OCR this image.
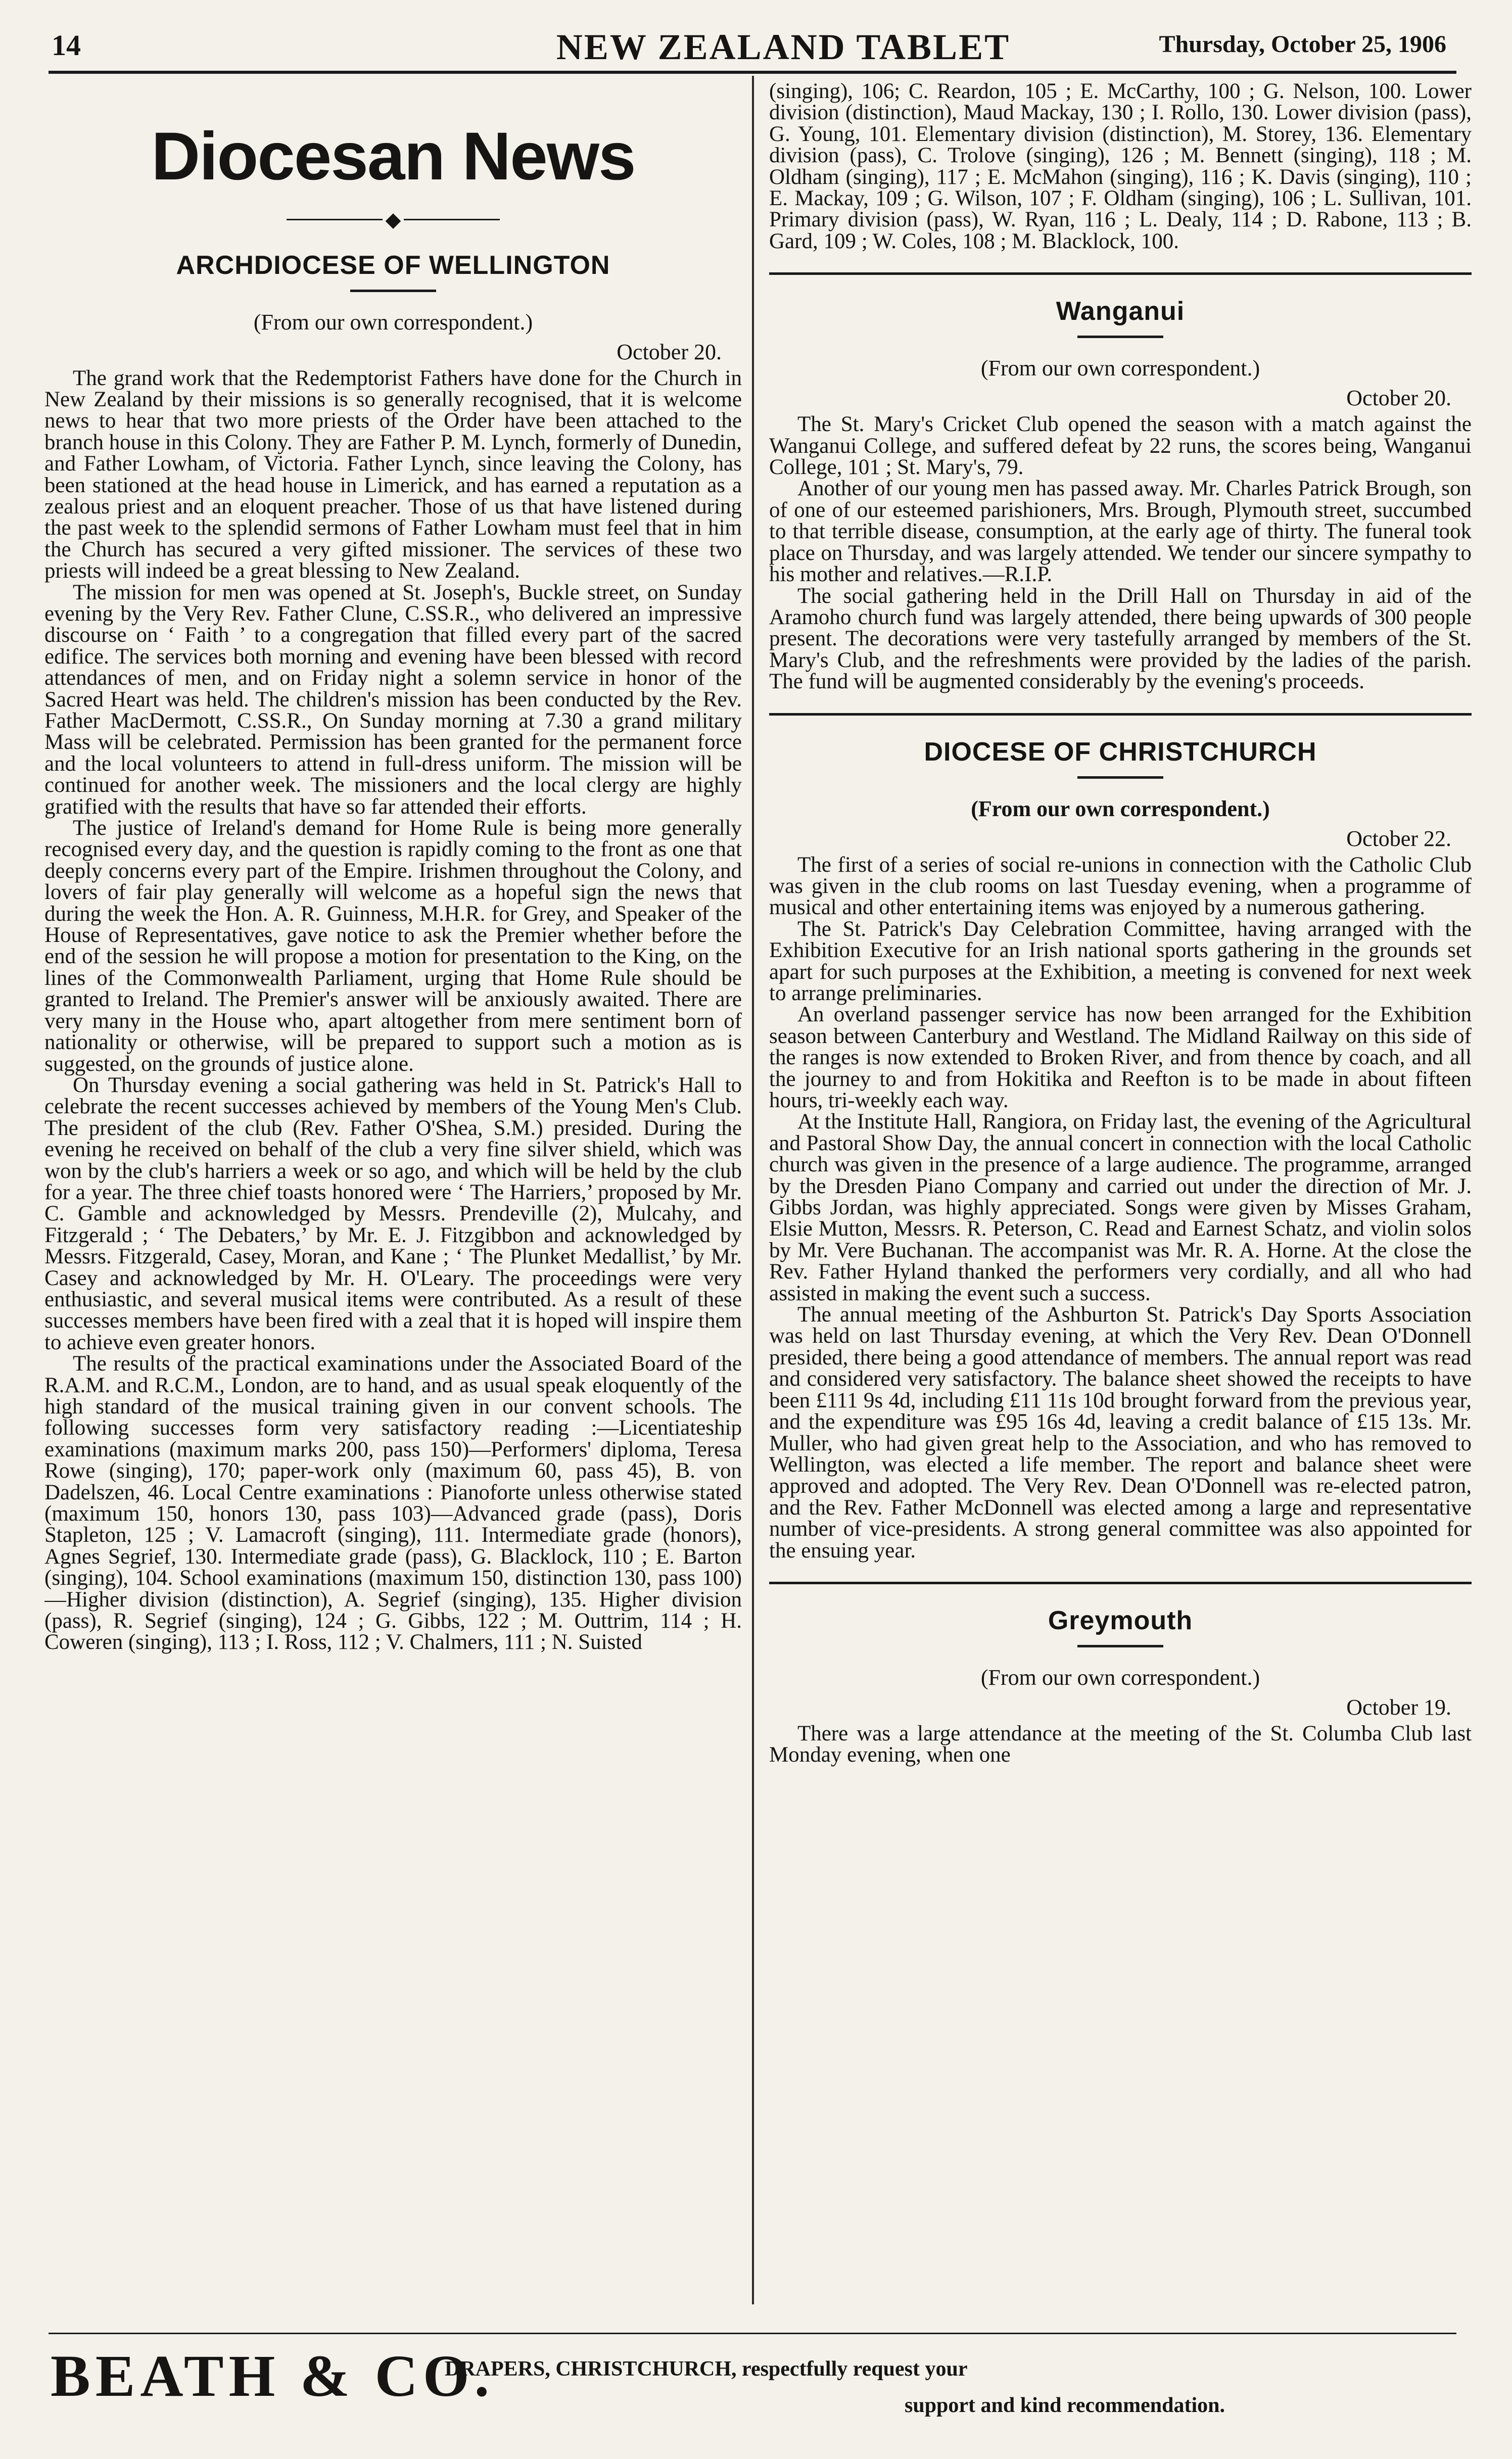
14	NEW ZEALAND TABLET	Thursday, October 25, 1906
Diocesan News
◆
ARCHDIOCESE OF WELLINGTON
(From our own correspondent.)
October 20.

The grand work that the Redemptorist Fathers have done for the Church in New Zealand by their missions is so generally recognised, that it is welcome news to hear that two more priests of the Order have been attached to the branch house in this Colony. They are Father P. M. Lynch, formerly of Dunedin, and Father Lowham, of Victoria. Father Lynch, since leaving the Colony, has been stationed at the head house in Limerick, and has earned a reputation as a zealous priest and an eloquent preacher. Those of us that have listened during the past week to the splendid sermons of Father Lowham must feel that in him the Church has secured a very gifted missioner. The services of these two priests will indeed be a great blessing to New Zealand.

The mission for men was opened at St. Joseph's, Buckle street, on Sunday evening by the Very Rev. Father Clune, C.SS.R., who delivered an impressive discourse on ‘ Faith ’ to a congregation that filled every part of the sacred edifice. The services both morning and evening have been blessed with record attendances of men, and on Friday night a solemn service in honor of the Sacred Heart was held. The children's mission has been conducted by the Rev. Father MacDermott, C.SS.R., On Sunday morning at 7.30 a grand military Mass will be celebrated. Permission has been granted for the permanent force and the local volunteers to attend in full-dress uniform. The mission will be continued for another week. The missioners and the local clergy are highly gratified with the results that have so far attended their efforts.

The justice of Ireland's demand for Home Rule is being more generally recognised every day, and the question is rapidly coming to the front as one that deeply concerns every part of the Empire. Irishmen throughout the Colony, and lovers of fair play generally will welcome as a hopeful sign the news that during the week the Hon. A. R. Guinness, M.H.R. for Grey, and Speaker of the House of Representatives, gave notice to ask the Premier whether before the end of the session he will propose a motion for presentation to the King, on the lines of the Commonwealth Parliament, urging that Home Rule should be granted to Ireland. The Premier's answer will be anxiously awaited. There are very many in the House who, apart altogether from mere sentiment born of nationality or otherwise, will be prepared to support such a motion as is suggested, on the grounds of justice alone.

On Thursday evening a social gathering was held in St. Patrick's Hall to celebrate the recent successes achieved by members of the Young Men's Club. The president of the club (Rev. Father O'Shea, S.M.) presided. During the evening he received on behalf of the club a very fine silver shield, which was won by the club's harriers a week or so ago, and which will be held by the club for a year. The three chief toasts honored were ‘ The Harriers,’ proposed by Mr. C. Gamble and acknowledged by Messrs. Prendeville (2), Mulcahy, and Fitzgerald ; ‘ The Debaters,’ by Mr. E. J. Fitzgibbon and acknowledged by Messrs. Fitzgerald, Casey, Moran, and Kane ; ‘ The Plunket Medallist,’ by Mr. Casey and acknowledged by Mr. H. O'Leary. The proceedings were very enthusiastic, and several musical items were contributed. As a result of these successes members have been fired with a zeal that it is hoped will inspire them to achieve even greater honors.

The results of the practical examinations under the Associated Board of the R.A.M. and R.C.M., London, are to hand, and as usual speak eloquently of the high standard of the musical training given in our convent schools. The following successes form very satisfactory reading :—Licentiateship examinations (maximum marks 200, pass 150)—Performers' diploma, Teresa Rowe (singing), 170; paper-work only (maximum 60, pass 45), B. von Dadelszen, 46. Local Centre examinations : Pianoforte unless otherwise stated (maximum 150, honors 130, pass 103)—Advanced grade (pass), Doris Stapleton, 125 ; V. Lamacroft (singing), 111. Intermediate grade (honors), Agnes Segrief, 130. Intermediate grade (pass), G. Blacklock, 110 ; E. Barton (singing), 104. School examinations (maximum 150, distinction 130, pass 100)—Higher division (distinction), A. Segrief (singing), 135. Higher division (pass), R. Segrief (singing), 124 ; G. Gibbs, 122 ; M. Outtrim, 114 ; H. Coweren (singing), 113 ; I. Ross, 112 ; V. Chalmers, 111 ; N. Suisted

(singing), 106; C. Reardon, 105 ; E. McCarthy, 100 ; G. Nelson, 100. Lower division (distinction), Maud Mackay, 130 ; I. Rollo, 130. Lower division (pass), G. Young, 101. Elementary division (distinction), M. Storey, 136. Elementary division (pass), C. Trolove (singing), 126 ; M. Bennett (singing), 118 ; M. Oldham (singing), 117 ; E. McMahon (singing), 116 ; K. Davis (singing), 110 ; E. Mackay, 109 ; G. Wilson, 107 ; F. Oldham (singing), 106 ; L. Sullivan, 101. Primary division (pass), W. Ryan, 116 ; L. Dealy, 114 ; D. Rabone, 113 ; B. Gard, 109 ; W. Coles, 108 ; M. Blacklock, 100.

Wanganui
(From our own correspondent.)
October 20.

The St. Mary's Cricket Club opened the season with a match against the Wanganui College, and suffered defeat by 22 runs, the scores being, Wanganui College, 101 ; St. Mary's, 79.

Another of our young men has passed away. Mr. Charles Patrick Brough, son of one of our esteemed parishioners, Mrs. Brough, Plymouth street, succumbed to that terrible disease, consumption, at the early age of thirty. The funeral took place on Thursday, and was largely attended. We tender our sincere sympathy to his mother and relatives.—R.I.P.

The social gathering held in the Drill Hall on Thursday in aid of the Aramoho church fund was largely attended, there being upwards of 300 people present. The decorations were very tastefully arranged by members of the St. Mary's Club, and the refreshments were provided by the ladies of the parish. The fund will be augmented considerably by the evening's proceeds.

DIOCESE OF CHRISTCHURCH
(From our own correspondent.)
October 22.

The first of a series of social re-unions in connection with the Catholic Club was given in the club rooms on last Tuesday evening, when a programme of musical and other entertaining items was enjoyed by a numerous gathering.

The St. Patrick's Day Celebration Committee, having arranged with the Exhibition Executive for an Irish national sports gathering in the grounds set apart for such purposes at the Exhibition, a meeting is convened for next week to arrange preliminaries.

An overland passenger service has now been arranged for the Exhibition season between Canterbury and Westland. The Midland Railway on this side of the ranges is now extended to Broken River, and from thence by coach, and all the journey to and from Hokitika and Reefton is to be made in about fifteen hours, tri-weekly each way.

At the Institute Hall, Rangiora, on Friday last, the evening of the Agricultural and Pastoral Show Day, the annual concert in connection with the local Catholic church was given in the presence of a large audience. The programme, arranged by the Dresden Piano Company and carried out under the direction of Mr. J. Gibbs Jordan, was highly appreciated. Songs were given by Misses Graham, Elsie Mutton, Messrs. R. Peterson, C. Read and Earnest Schatz, and violin solos by Mr. Vere Buchanan. The accompanist was Mr. R. A. Horne. At the close the Rev. Father Hyland thanked the performers very cordially, and all who had assisted in making the event such a success.

The annual meeting of the Ashburton St. Patrick's Day Sports Association was held on last Thursday evening, at which the Very Rev. Dean O'Donnell presided, there being a good attendance of members. The annual report was read and considered very satisfactory. The balance sheet showed the receipts to have been £111 9s 4d, including £11 11s 10d brought forward from the previous year, and the expenditure was £95 16s 4d, leaving a credit balance of £15 13s. Mr. Muller, who had given great help to the Association, and who has removed to Wellington, was elected a life member. The report and balance sheet were approved and adopted. The Very Rev. Dean O'Donnell was re-elected patron, and the Rev. Father McDonnell was elected among a large and representative number of vice-presidents. A strong general committee was also appointed for the ensuing year.

Greymouth
(From our own correspondent.)
October 19.

There was a large attendance at the meeting of the St. Columba Club last Monday evening, when one

BEATH & CO.
DRAPERS, CHRISTCHURCH, respectfully request your
support and kind recommendation.
